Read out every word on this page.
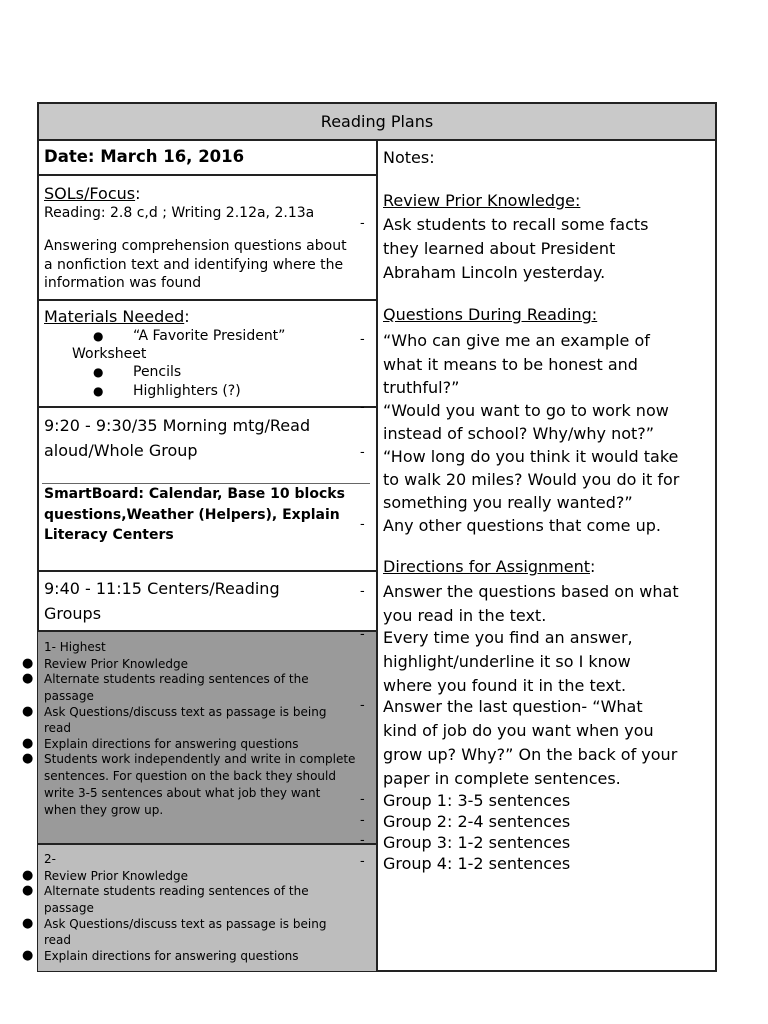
Reading Plans
Date: March 16, 2016
SOLs/Focus:
Reading: 2.8 c,d ; Writing 2.12a, 2.13a
-
Answering comprehension questions about
a nonfiction text and identifying where the
information was found
Materials Needed:
● “A Favorite President”	-
Worksheet
● Pencils
● Highlighters (?)
-
9:20 - 9:30/35 Morning mtg/Read
aloud/Whole Group	-
SmartBoard: Calendar, Base 10 blocks
questions,Weather (Helpers), Explain
-
Literacy Centers
9:40 - 11:15 Centers/Reading	-
Groups
1- Highest
-
● Review Prior Knowledge
● Alternate students reading sentences of the
passage
● Ask Questions/discuss text as passage is being	-
read
● Explain directions for answering questions
● Students work independently and write in complete
sentences. For question on the back they should
write 3-5 sentences about what job they want	-
when they grow up.
-
-
2-	-
● Review Prior Knowledge
● Alternate students reading sentences of the
passage
● Ask Questions/discuss text as passage is being
read
● Explain directions for answering questions
Notes:
Review Prior Knowledge:
Ask students to recall some facts
they learned about President
Abraham Lincoln yesterday.
Questions During Reading:
“Who can give me an example of
what it means to be honest and
truthful?”
“Would you want to go to work now
instead of school? Why/why not?”
“How long do you think it would take
to walk 20 miles? Would you do it for
something you really wanted?”
Any other questions that come up.
Directions for Assignment:
Answer the questions based on what
you read in the text.
Every time you find an answer,
highlight/underline it so I know
where you found it in the text.
Answer the last question- “What
kind of job do you want when you
grow up? Why?” On the back of your
paper in complete sentences.
Group 1: 3-5 sentences
Group 2: 2-4 sentences
Group 3: 1-2 sentences
Group 4: 1-2 sentences
